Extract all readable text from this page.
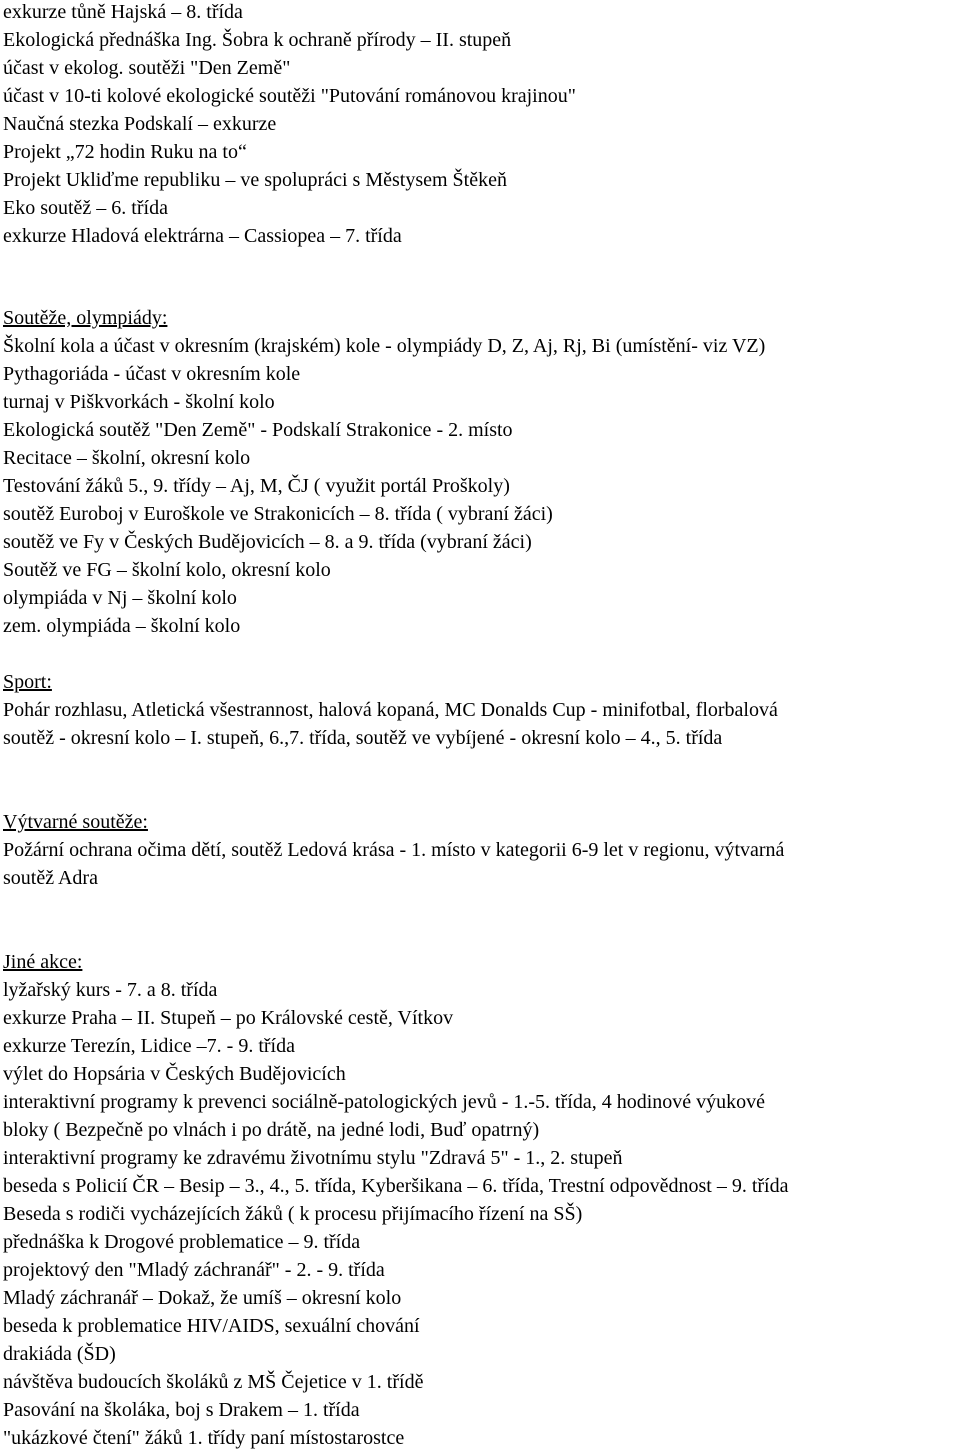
exkurze tůně Hajská – 8. třída

Ekologická přednáška Ing. Šobra k ochraně přírody – II. stupeň

účast v ekolog. soutěži "Den Země"

účast v 10-ti kolové ekologické soutěži "Putování románovou krajinou"

Naučná stezka Podskalí – exkurze

Projekt „72 hodin Ruku na to“

Projekt Ukliďme republiku – ve spolupráci s Městysem Štěkeň

Eko soutěž – 6. třída

exkurze Hladová elektrárna – Cassiopea – 7. třída

Soutěže, olympiády:

Školní kola a účast v okresním (krajském) kole - olympiády D, Z, Aj, Rj, Bi (umístění- viz VZ)

Pythagoriáda - účast v okresním kole

turnaj v Piškvorkách - školní kolo

Ekologická soutěž "Den Země" - Podskalí Strakonice - 2. místo

Recitace – školní, okresní kolo

Testování žáků 5., 9. třídy – Aj, M, ČJ ( využit portál Proškoly)

soutěž Euroboj v Euroškole ve Strakonicích – 8. třída ( vybraní žáci)

soutěž ve Fy v Českých Budějovicích – 8. a 9. třída (vybraní žáci)

Soutěž ve FG – školní kolo, okresní kolo

olympiáda v Nj – školní kolo

zem. olympiáda – školní kolo

Sport:

Pohár rozhlasu, Atletická všestrannost, halová kopaná, MC Donalds Cup - minifotbal, florbalová

soutěž - okresní kolo – I. stupeň, 6.,7. třída, soutěž ve vybíjené - okresní kolo – 4., 5. třída

Výtvarné soutěže:

Požární ochrana očima dětí, soutěž Ledová krása - 1. místo v kategorii 6-9 let v regionu, výtvarná

soutěž Adra

Jiné akce:

lyžařský kurs - 7. a 8. třída

exkurze Praha – II. Stupeň – po Královské cestě, Vítkov

exkurze Terezín, Lidice –7. - 9. třída

výlet do Hopsária v Českých Budějovicích

interaktivní programy k prevenci sociálně-patologických jevů - 1.-5. třída, 4 hodinové výukové

bloky ( Bezpečně po vlnách i po drátě, na jedné lodi, Buď opatrný)

interaktivní programy ke zdravému životnímu stylu "Zdravá 5" - 1., 2. stupeň

beseda s Policií ČR – Besip – 3., 4., 5. třída, Kyberšikana – 6. třída, Trestní odpovědnost – 9. třída

Beseda s rodiči vycházejících žáků ( k procesu přijímacího řízení na SŠ)

přednáška k Drogové problematice – 9. třída

projektový den "Mladý záchranář" - 2. - 9. třída

Mladý záchranář – Dokaž, že umíš – okresní kolo

beseda k problematice HIV/AIDS, sexuální chování

drakiáda (ŠD)

návštěva budoucích školáků z MŠ Čejetice v 1. třídě

Pasování na školáka, boj s Drakem – 1. třída

"ukázkové čtení" žáků 1. třídy paní místostarostce
